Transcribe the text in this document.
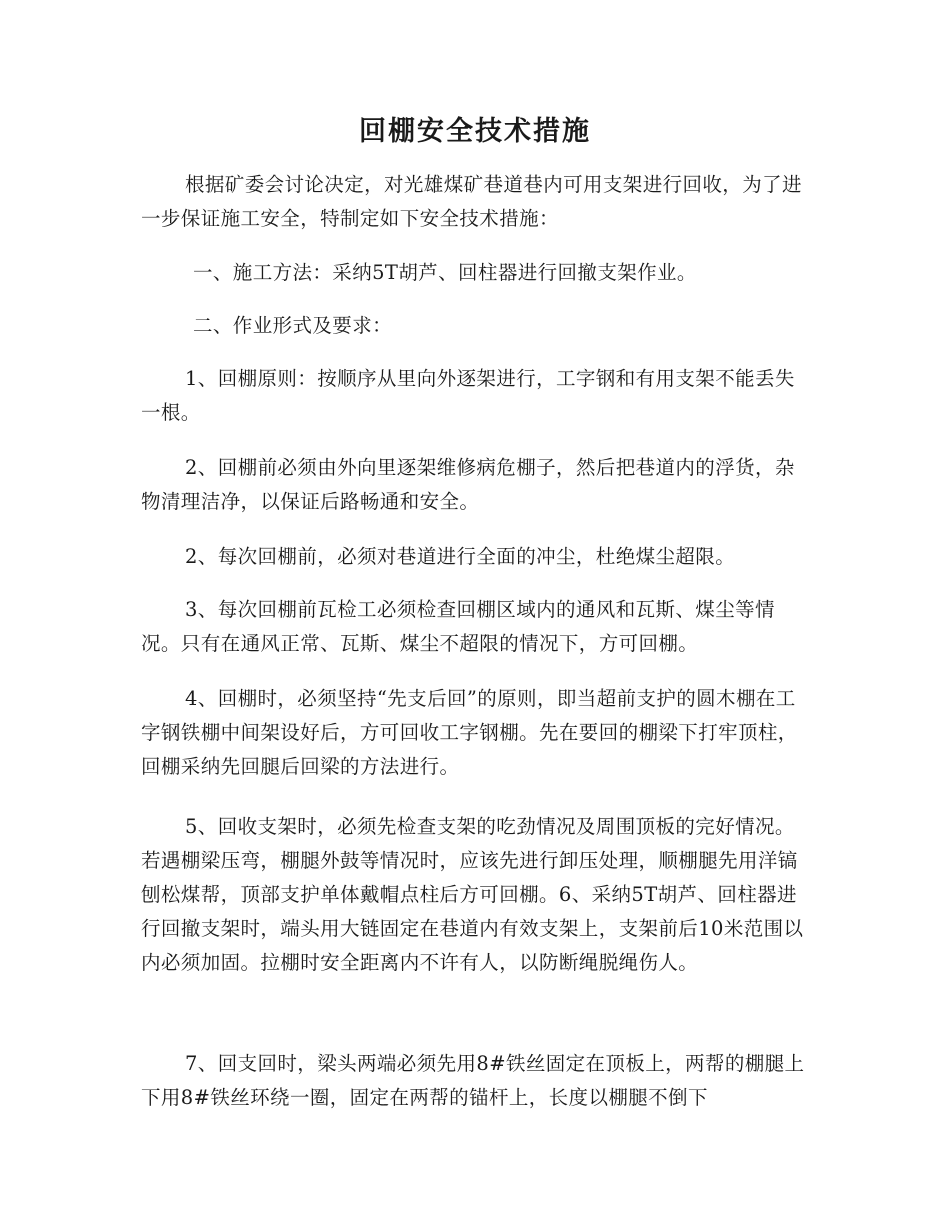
回棚安全技术措施
根据矿委会讨论决定，对光雄煤矿巷道巷内可用支架进行回收，为了进一步保证施工安全，特制定如下安全技术措施：
一、施工方法：采纳5T胡芦、回柱器进行回撤支架作业。
二、作业形式及要求：
1、回棚原则：按顺序从里向外逐架进行，工字钢和有用支架不能丢失一根。
2、回棚前必须由外向里逐架维修病危棚子，然后把巷道内的浮货，杂物清理洁净，以保证后路畅通和安全。
2、每次回棚前，必须对巷道进行全面的冲尘，杜绝煤尘超限。
3、每次回棚前瓦检工必须检查回棚区域内的通风和瓦斯、煤尘等情况。只有在通风正常、瓦斯、煤尘不超限的情况下，方可回棚。
4、回棚时，必须坚持“先支后回”的原则，即当超前支护的圆木棚在工字钢铁棚中间架设好后，方可回收工字钢棚。先在要回的棚梁下打牢顶柱，回棚采纳先回腿后回梁的方法进行。
5、回收支架时，必须先检查支架的吃劲情况及周围顶板的完好情况。若遇棚梁压弯，棚腿外鼓等情况时，应该先进行卸压处理，顺棚腿先用洋镐刨松煤帮，顶部支护单体戴帽点柱后方可回棚。6、采纳5T胡芦、回柱器进行回撤支架时，端头用大链固定在巷道内有效支架上，支架前后10米范围以内必须加固。拉棚时安全距离内不许有人，以防断绳脱绳伤人。
7、回支回时，梁头两端必须先用8#铁丝固定在顶板上，两帮的棚腿上下用8#铁丝环绕一圈，固定在两帮的锚杆上，长度以棚腿不倒下
